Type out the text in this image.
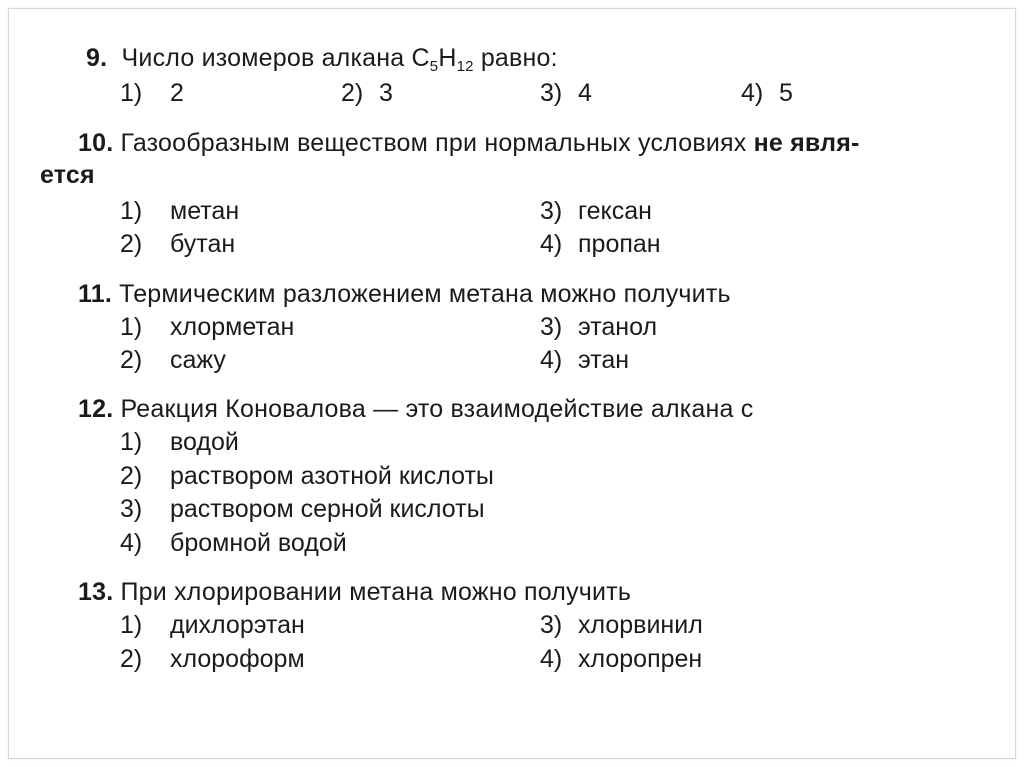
9. Число изомеров алкана $C_5H_{12}$ равно:
1) 2	2) 3	3) 4	4) 5
10. Газообразным веществом при нормальных условиях не явля-
ется
1) метан	3) гексан
2) бутан	4) пропан
11. Термическим разложением метана можно получить
1) хлорметан	3) этанол
2) сажу	4) этан
12. Реакция Коновалова — это взаимодействие алкана с
1) водой
2) раствором азотной кислоты
3) раствором серной кислоты
4) бромной водой
13. При хлорировании метана можно получить
1) дихлорэтан	3) хлорвинил
2) хлороформ	4) хлоропрен
